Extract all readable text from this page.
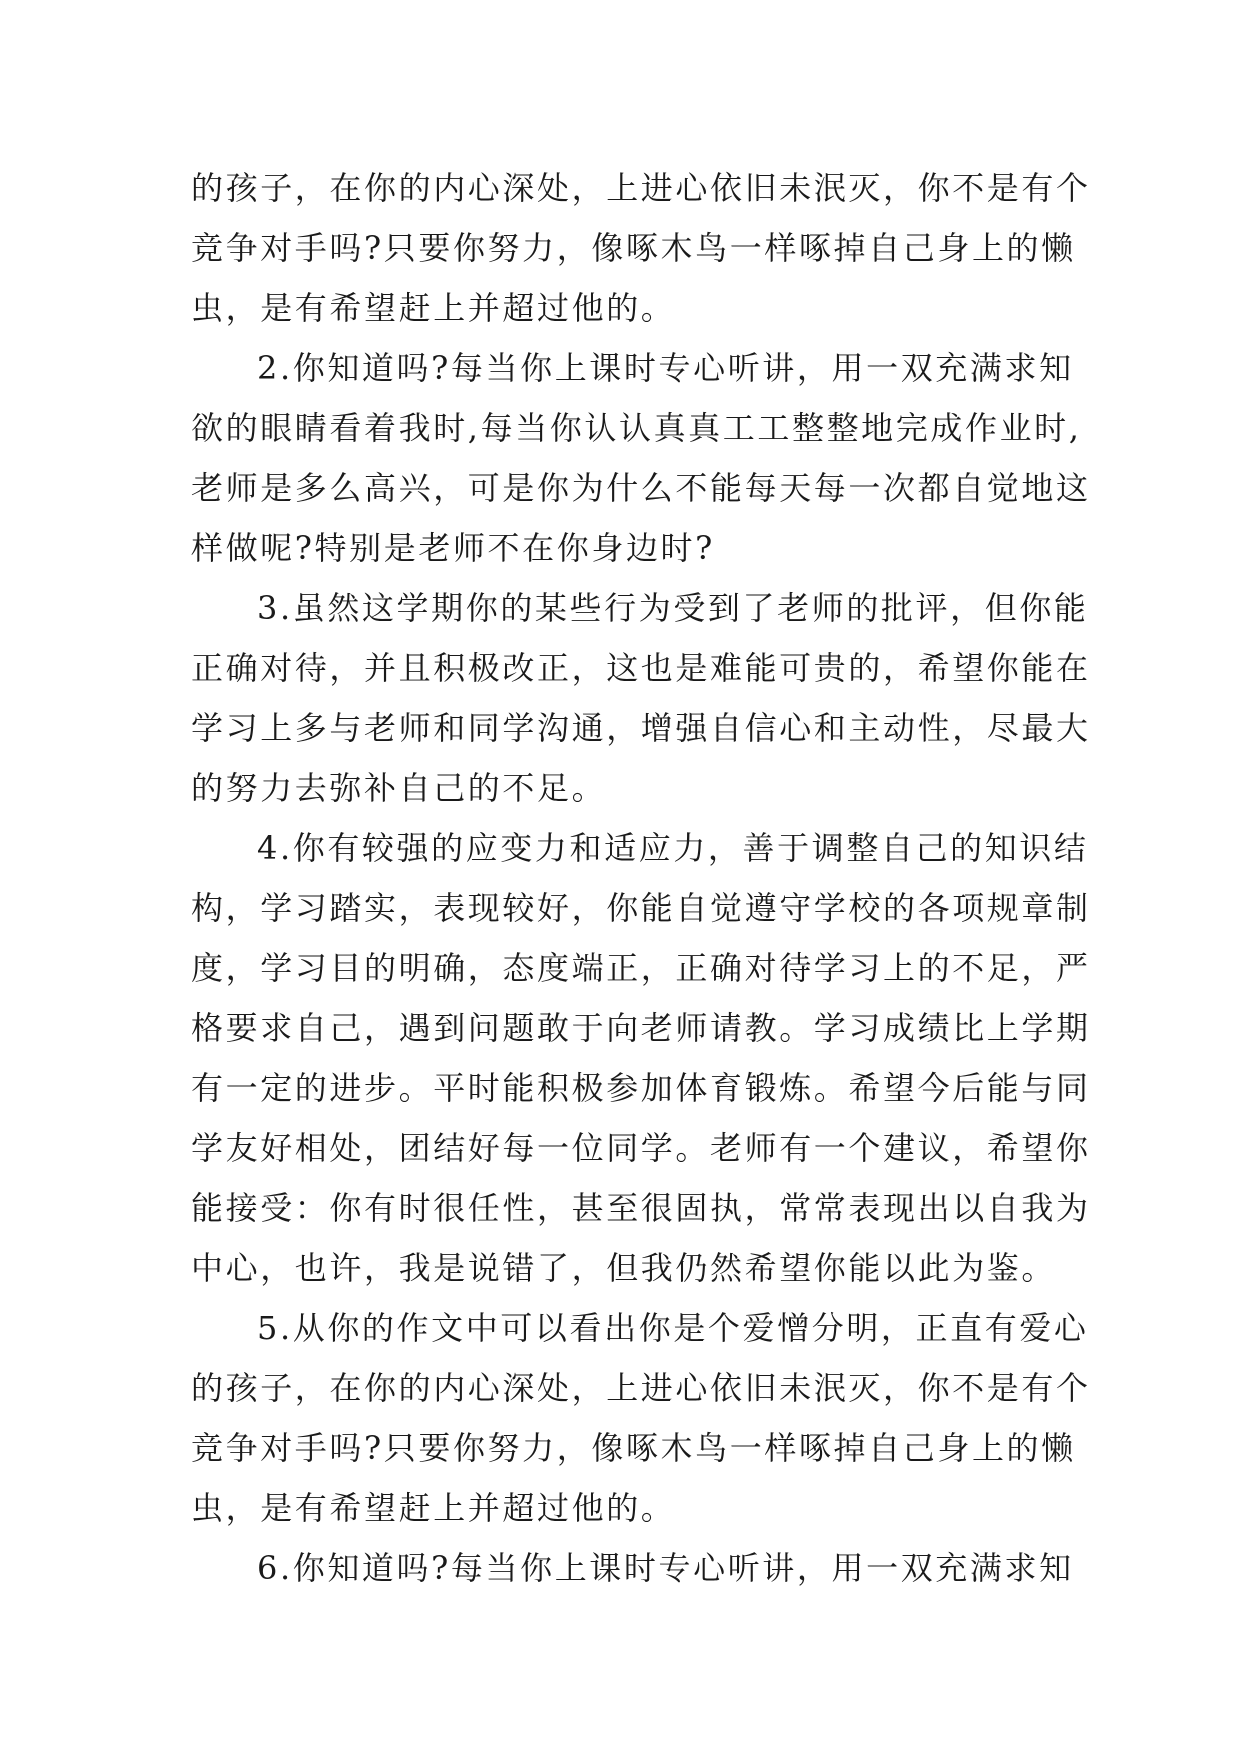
的孩子，在你的内心深处，上进心依旧未泯灭，你不是有个
竞争对手吗?只要你努力，像啄木鸟一样啄掉自己身上的懒
虫，是有希望赶上并超过他的。
2.你知道吗?每当你上课时专心听讲，用一双充满求知
欲的眼睛看着我时,每当你认认真真工工整整地完成作业时,
老师是多么高兴，可是你为什么不能每天每一次都自觉地这
样做呢?特别是老师不在你身边时?
3.虽然这学期你的某些行为受到了老师的批评，但你能
正确对待，并且积极改正，这也是难能可贵的，希望你能在
学习上多与老师和同学沟通，增强自信心和主动性，尽最大
的努力去弥补自己的不足。
4.你有较强的应变力和适应力，善于调整自己的知识结
构，学习踏实，表现较好，你能自觉遵守学校的各项规章制
度，学习目的明确，态度端正，正确对待学习上的不足，严
格要求自己，遇到问题敢于向老师请教。学习成绩比上学期
有一定的进步。平时能积极参加体育锻炼。希望今后能与同
学友好相处，团结好每一位同学。老师有一个建议，希望你
能接受：你有时很任性，甚至很固执，常常表现出以自我为
中心，也许，我是说错了，但我仍然希望你能以此为鉴。
5.从你的作文中可以看出你是个爱憎分明，正直有爱心
的孩子，在你的内心深处，上进心依旧未泯灭，你不是有个
竞争对手吗?只要你努力，像啄木鸟一样啄掉自己身上的懒
虫，是有希望赶上并超过他的。
6.你知道吗?每当你上课时专心听讲，用一双充满求知
